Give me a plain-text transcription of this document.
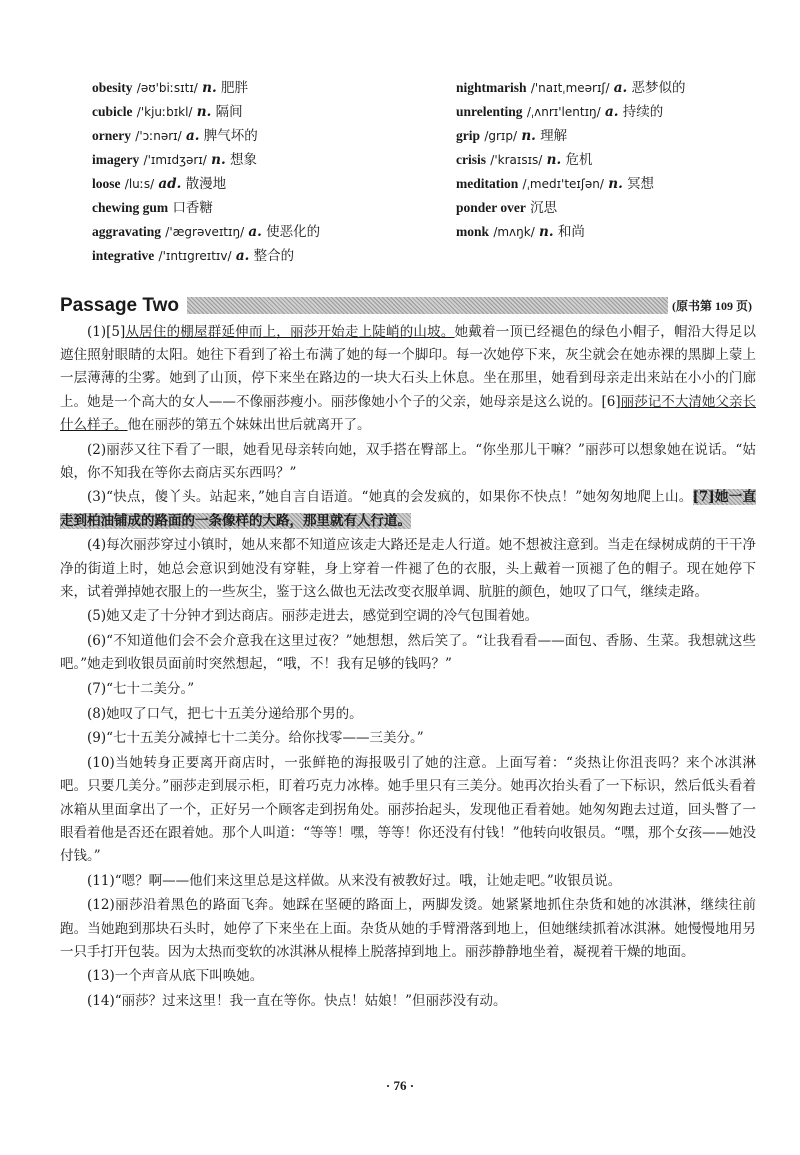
obesity /əʊ'biːsɪtɪ/ n. 肥胖
cubicle /'kjuːbɪkl/ n. 隔间
ornery /'ɔːnərɪ/ a. 脾气坏的
imagery /'ɪmɪdʒərɪ/ n. 想象
loose /luːs/ ad. 散漫地
chewing gum 口香糖
aggravating /'ægrəveɪtɪŋ/ a. 使恶化的
integrative /'ɪntɪgreɪtɪv/ a. 整合的
nightmarish /'naɪtˌmeərɪʃ/ a. 恶梦似的
unrelenting /ˌʌnrɪ'lentɪŋ/ a. 持续的
grip /grɪp/ n. 理解
crisis /'kraɪsɪs/ n. 危机
meditation /ˌmedɪ'teɪʃən/ n. 冥想
ponder over 沉思
monk /mʌŋk/ n. 和尚
Passage Two	(原书第 109 页)

(1)[5]从居住的棚屋群延伸而上，丽莎开始走上陡峭的山坡。她戴着一顶已经褪色的绿色小帽子，帽沿大得足以遮住照射眼睛的太阳。她往下看到了裕土布满了她的每一个脚印。每一次她停下来，灰尘就会在她赤裸的黑脚上蒙上一层薄薄的尘雾。她到了山顶，停下来坐在路边的一块大石头上休息。坐在那里，她看到母亲走出来站在小小的门廊上。她是一个高大的女人——不像丽莎瘦小。丽莎像她小个子的父亲，她母亲是这么说的。[6]丽莎记不大清她父亲长什么样子。他在丽莎的第五个妹妹出世后就离开了。

(2)丽莎又往下看了一眼，她看见母亲转向她，双手搭在臀部上。“你坐那儿干嘛？”丽莎可以想象她在说话。“姑娘，你不知我在等你去商店买东西吗？”

(3)“快点，傻丫头。站起来，”她自言自语道。“她真的会发疯的，如果你不快点！”她匆匆地爬上山。[7]她一直走到柏油铺成的路面的一条像样的大路，那里就有人行道。

(4)每次丽莎穿过小镇时，她从来都不知道应该走大路还是走人行道。她不想被注意到。当走在绿树成荫的干干净净的街道上时，她总会意识到她没有穿鞋，身上穿着一件褪了色的衣服，头上戴着一顶褪了色的帽子。现在她停下来，试着弹掉她衣服上的一些灰尘，鉴于这么做也无法改变衣服单调、肮脏的颜色，她叹了口气，继续走路。

(5)她又走了十分钟才到达商店。丽莎走进去，感觉到空调的冷气包围着她。

(6)“不知道他们会不会介意我在这里过夜？”她想想，然后笑了。“让我看看——面包、香肠、生菜。我想就这些吧。”她走到收银员面前时突然想起，“哦，不！我有足够的钱吗？”

(7)“七十二美分。”

(8)她叹了口气，把七十五美分递给那个男的。

(9)“七十五美分减掉七十二美分。给你找零——三美分。”

(10)当她转身正要离开商店时，一张鲜艳的海报吸引了她的注意。上面写着：“炎热让你沮丧吗？来个冰淇淋吧。只要几美分。”丽莎走到展示柜，盯着巧克力冰棒。她手里只有三美分。她再次抬头看了一下标识，然后低头看着冰箱从里面拿出了一个，正好另一个顾客走到拐角处。丽莎抬起头，发现他正看着她。她匆匆跑去过道，回头瞥了一眼看着他是否还在跟着她。那个人叫道：“等等！嘿，等等！你还没有付钱！”他转向收银员。“嘿，那个女孩——她没付钱。”

(11)“嗯？啊——他们来这里总是这样做。从来没有被教好过。哦，让她走吧。”收银员说。

(12)丽莎沿着黑色的路面飞奔。她踩在坚硬的路面上，两脚发烫。她紧紧地抓住杂货和她的冰淇淋，继续往前跑。当她跑到那块石头时，她停了下来坐在上面。杂货从她的手臂滑落到地上，但她继续抓着冰淇淋。她慢慢地用另一只手打开包装。因为太热而变软的冰淇淋从棍棒上脱落掉到地上。丽莎静静地坐着，凝视着干燥的地面。

(13)一个声音从底下叫唤她。

(14)“丽莎？过来这里！我一直在等你。快点！姑娘！”但丽莎没有动。

· 76 ·
